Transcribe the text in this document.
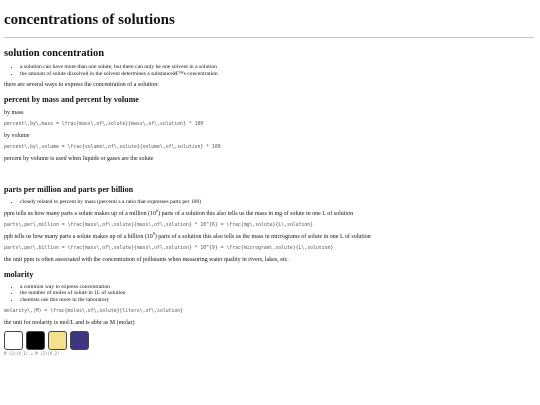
concentrations of solutions
solution concentration
• a solution can have more than one solute, but there can only be one solvent in a solution
• the amount of solute dissolved in the solvent determines a substanceâ€™s concentration

there are several ways to express the concentration of a solution:

percent by mass and percent by volume

by mass

percent\,by\,mass = \frac{mass\,of\,solute}{mass\,of\,solution} * 100

by volume

percent\,by\,volume = \frac{volume\,of\,solute}{volume\,of\,solution} * 100

percent by volume is used when liquids or gases are the solute

parts per million and parts per billion
• closely related to percent by mass (percenti s a ratio that expresses parts per 100)

ppm tells us how many parts a solute makes up of a million $(10^6)$ parts of a solution this also tells us the mass in mg of solute in one L of solution

parts\,per\,million = \frac{mass\,of\,solute}{mass\,of\,solution} * 10^{6} = \frac{mg\,solute}{L\,solution}

ppb tells us how many parts a solute makes up of a billion $(10^9)$ parts of a solution this also tells us the mass in micrograms of solute in one L of solution

parts\,per\,billion = \frac{mass\,of\,solute}{mass\,of\,solution} * 10^{9} = \frac{microgram\,solute}{L\,solution}

the unit ppm is often associated with the concentration of pollutants when measuring water quality in rivers, lakes, etc.

molarity
• a common way to express concentration
• the number of moles of solute in 1L of solution
• chemists use this more in the laboratory
molarity\,(M) = \frac{moles\,of\,solute}{liters\,of\,solution}

the unit for molarity is mol/L and is abbr as M (molar)

M (2)(V_1) = M (2)(V_2)
